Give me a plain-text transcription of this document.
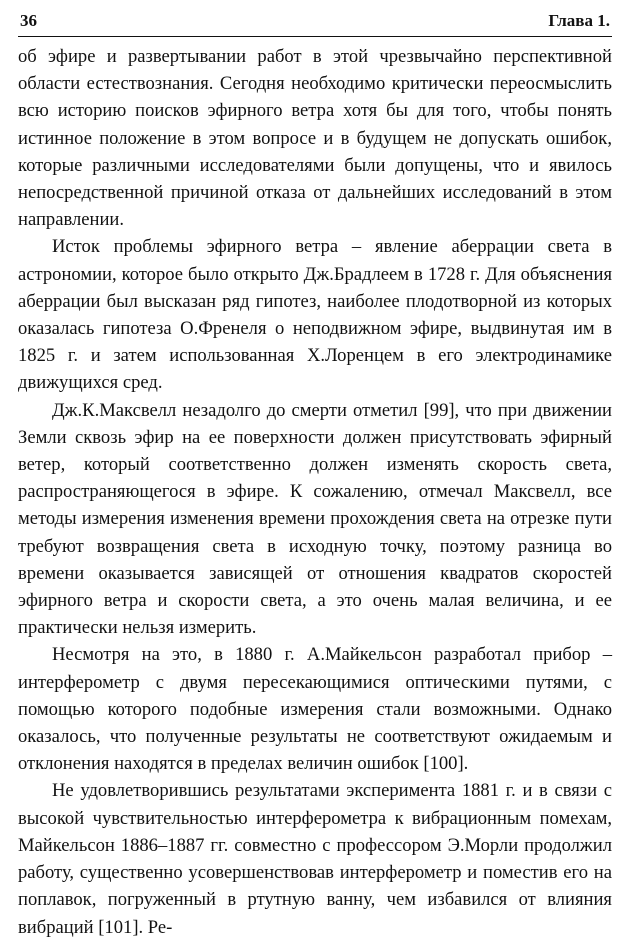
36	Глава 1.

об эфире и развертывании работ в этой чрезвычайно перспективной области естествознания. Сегодня необходимо критически переосмыслить всю историю поисков эфирного ветра хотя бы для того, чтобы понять истинное положение в этом вопросе и в будущем не допускать ошибок, которые различными исследователями были допущены, что и явилось непосредственной причиной отказа от дальнейших исследований в этом направлении.

Исток проблемы эфирного ветра – явление аберрации света в астрономии, которое было открыто Дж.Брадлеем в 1728 г. Для объяснения аберрации был высказан ряд гипотез, наиболее плодотворной из которых оказалась гипотеза О.Френеля о неподвижном эфире, выдвинутая им в 1825 г. и затем использованная Х.Лоренцем в его электродинамике движущихся сред.

Дж.К.Максвелл незадолго до смерти отметил [99], что при движении Земли сквозь эфир на ее поверхности должен присутствовать эфирный ветер, который соответственно должен изменять скорость света, распространяющегося в эфире. К сожалению, отмечал Максвелл, все методы измерения изменения времени прохождения света на отрезке пути требуют возвращения света в исходную точку, поэтому разница во времени оказывается зависящей от отношения квадратов скоростей эфирного ветра и скорости света, а это очень малая величина, и ее практически нельзя измерить.

Несмотря на это, в 1880 г. А.Майкельсон разработал прибор – интерферометр с двумя пересекающимися оптическими путями, с помощью которого подобные измерения стали возможными. Однако оказалось, что полученные результаты не соответствуют ожидаемым и отклонения находятся в пределах величин ошибок [100].

Не удовлетворившись результатами эксперимента 1881 г. и в связи с высокой чувствительностью интерферометра к вибрационным помехам, Майкельсон 1886–1887 гг. совместно с профессором Э.Морли продолжил работу, существенно усовершенствовав интерферометр и поместив его на поплавок, погруженный в ртутную ванну, чем избавился от влияния вибраций [101]. Ре-
